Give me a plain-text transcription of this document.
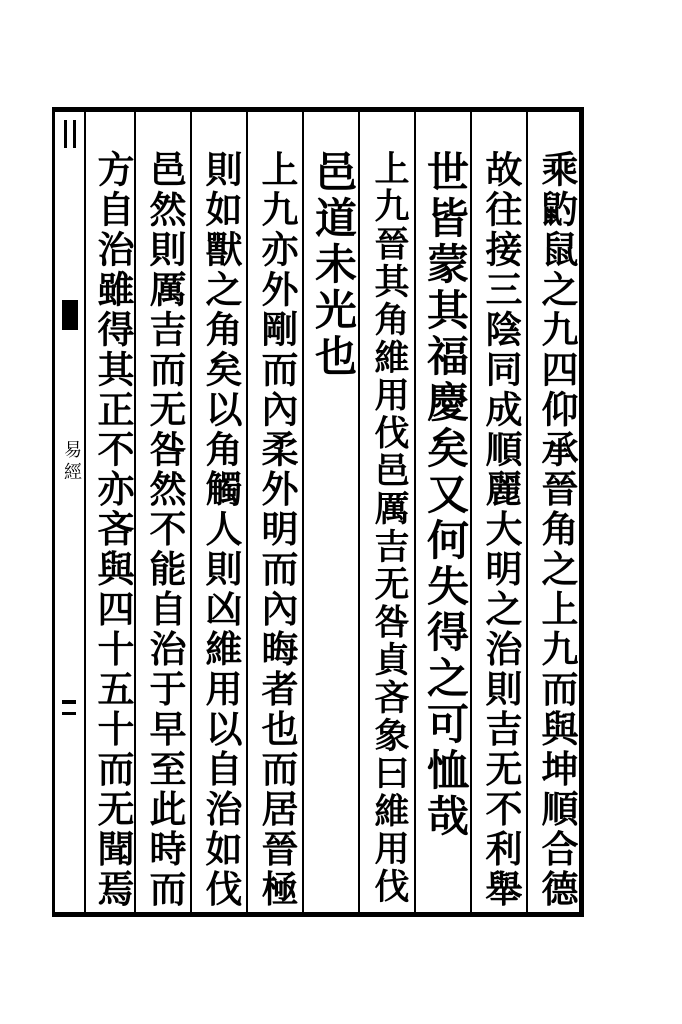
易經	乘䶂鼠之九四仰承晉角之上九而與坤順合德
故往接三陰同成順麗大明之治則吉无不利舉
世皆蒙其福慶矣又何失得之可恤哉
上九晉其角維用伐邑厲吉无咎貞吝象曰維用伐
邑道未光也
上九亦外剛而內柔外明而內晦者也而居晉極
則如獸之角矣以角觸人則凶維用以自治如伐
邑然則厲吉而无咎然不能自治于早至此時而
方自治雖得其正不亦吝與四十五十而无聞焉
